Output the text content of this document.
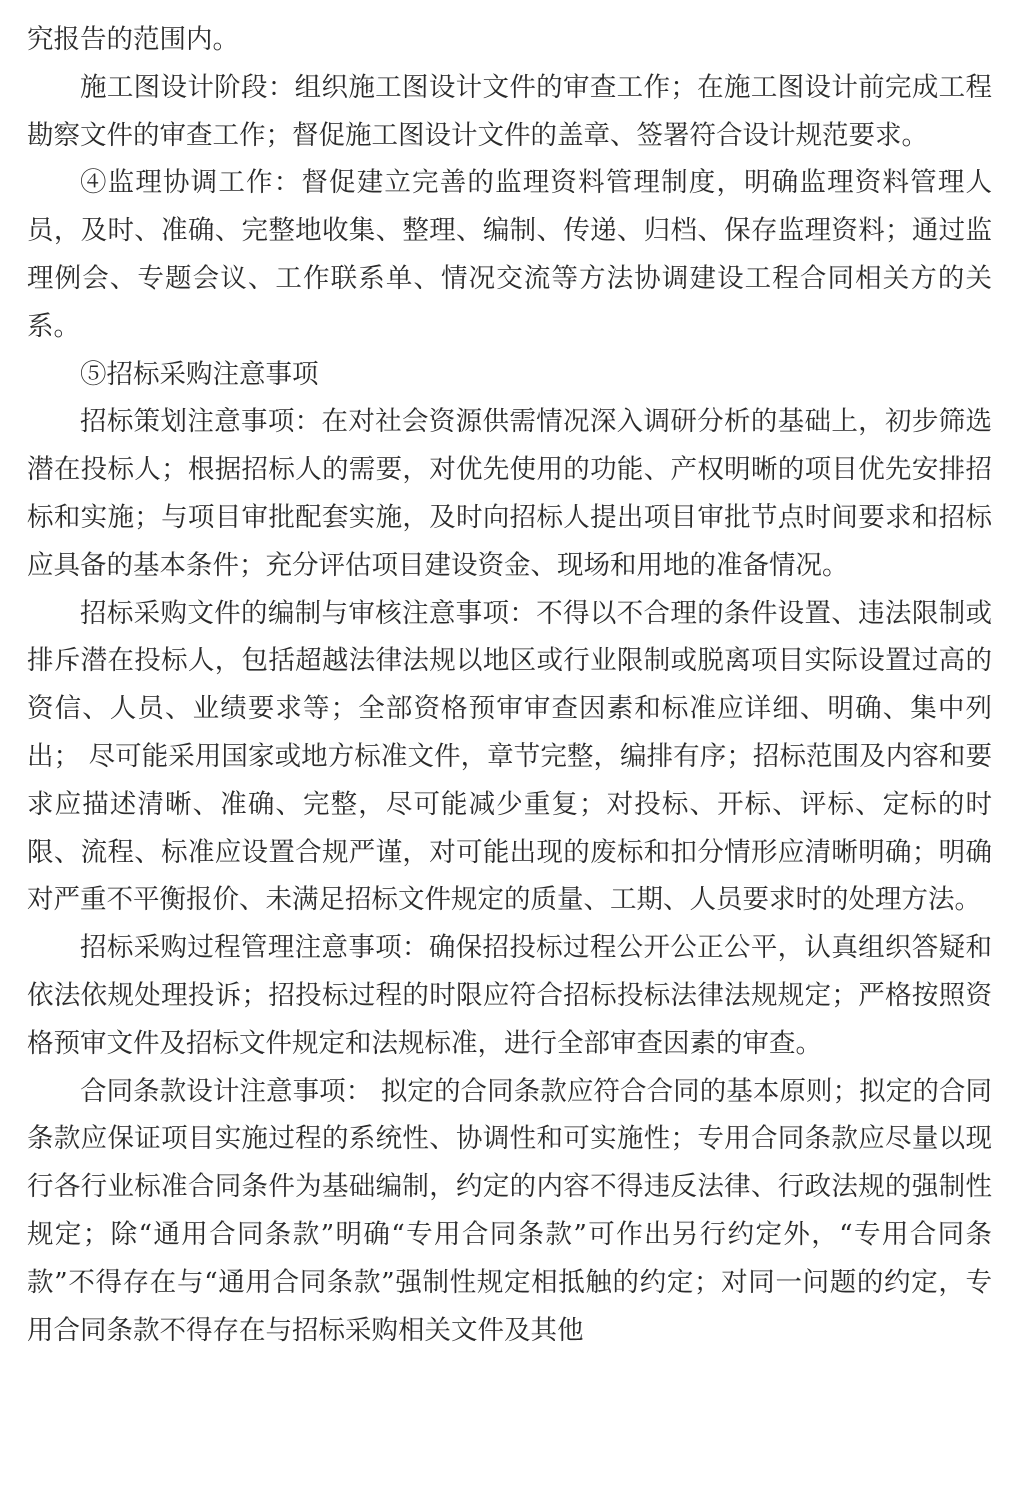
究报告的范围内。

施工图设计阶段：组织施工图设计文件的审查工作；在施工图设计前完成工程勘察文件的审查工作；督促施工图设计文件的盖章、签署符合设计规范要求。

④监理协调工作：督促建立完善的监理资料管理制度，明确监理资料管理人员，及时、准确、完整地收集、整理、编制、传递、归档、保存监理资料；通过监理例会、专题会议、工作联系单、情况交流等方法协调建设工程合同相关方的关系。

⑤招标采购注意事项

招标策划注意事项：在对社会资源供需情况深入调研分析的基础上，初步筛选潜在投标人；根据招标人的需要，对优先使用的功能、产权明晰的项目优先安排招标和实施；与项目审批配套实施，及时向招标人提出项目审批节点时间要求和招标应具备的基本条件；充分评估项目建设资金、现场和用地的准备情况。

招标采购文件的编制与审核注意事项：不得以不合理的条件设置、违法限制或排斥潜在投标人，包括超越法律法规以地区或行业限制或脱离项目实际设置过高的资信、人员、业绩要求等；全部资格预审审查因素和标准应详细、明确、集中列出； 尽可能采用国家或地方标准文件，章节完整，编排有序；招标范围及内容和要求应描述清晰、准确、完整，尽可能减少重复；对投标、开标、评标、定标的时限、流程、标准应设置合规严谨，对可能出现的废标和扣分情形应清晰明确；明确对严重不平衡报价、未满足招标文件规定的质量、工期、人员要求时的处理方法。

招标采购过程管理注意事项：确保招投标过程公开公正公平，认真组织答疑和依法依规处理投诉；招投标过程的时限应符合招标投标法律法规规定；严格按照资格预审文件及招标文件规定和法规标准，进行全部审查因素的审查。

合同条款设计注意事项： 拟定的合同条款应符合合同的基本原则；拟定的合同条款应保证项目实施过程的系统性、协调性和可实施性；专用合同条款应尽量以现行各行业标准合同条件为基础编制，约定的内容不得违反法律、行政法规的强制性规定；除“通用合同条款”明确“专用合同条款”可作出另行约定外，“专用合同条款”不得存在与“通用合同条款”强制性规定相抵触的约定；对同一问题的约定，专用合同条款不得存在与招标采购相关文件及其他
